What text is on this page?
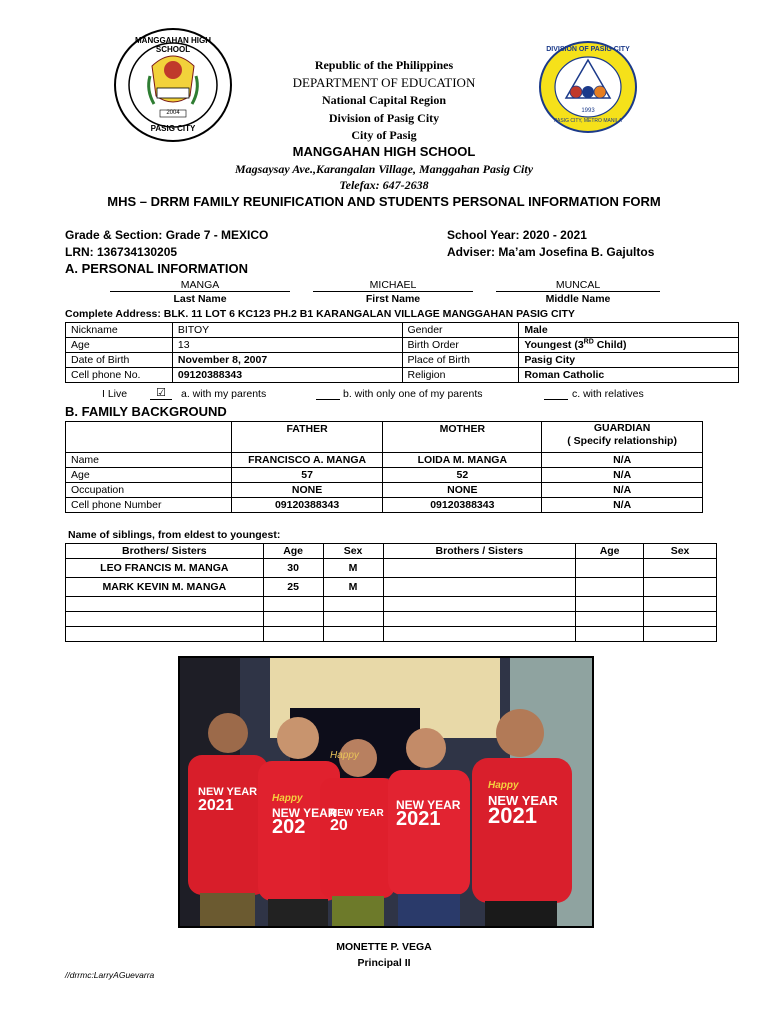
MANGGAHAN HIGH SCHOOL
2004
PASIG CITY
DIVISION OF PASIG CITY
1993
PASIG CITY, METRO MANILA
Republic of the Philippines
DEPARTMENT OF EDUCATION
National Capital Region
Division of Pasig City
City of Pasig
MANGGAHAN HIGH SCHOOL
Magsaysay Ave.,Karangalan Village, Manggahan Pasig City
Telefax: 647-2638
MHS – DRRM FAMILY REUNIFICATION AND STUDENTS PERSONAL INFORMATION FORM
Grade & Section: Grade 7 - MEXICO	School Year: 2020 - 2021
LRN: 136734130205	Adviser: Ma’am Josefina B. Gajultos
A. PERSONAL INFORMATION
MANGA	MICHAEL	MUNCAL
Last Name	First Name	Middle Name
Complete Address: BLK. 11 LOT 6 KC123 PH.2 B1 KARANGALAN VILLAGE MANGGAHAN PASIG CITY
Nickname	BITOY	Gender	Male
Age	13	Birth Order	Youngest (3RD Child)
Date of Birth	November 8, 2007	Place of Birth	Pasig City
Cell phone No.	09120388343	Religion	Roman Catholic
I Live	☑	a. with my parents	b. with only one of my parents	c. with relatives
B. FAMILY BACKGROUND
	FATHER	MOTHER	GUARDIAN
( Specify relationship)

Name	FRANCISCO A. MANGA	LOIDA M. MANGA	N/A
Age	57	52	N/A
Occupation	NONE	NONE	N/A
Cell phone Number	09120388343	09120388343	N/A
Name of siblings, from eldest to youngest:
Brothers/ Sisters	Age	Sex	Brothers / Sisters	Age	Sex
LEO FRANCIS M. MANGA	30	M			
MARK KEVIN M. MANGA	25	M			

Happy
NEW YEAR
2021	Happy
NEW YEAR
202
NEW YEAR
20
NEW YEAR
2021
Happy
NEW YEAR
2021
MONETTE P. VEGA
Principal II
//drrmc:LarryAGuevarra
